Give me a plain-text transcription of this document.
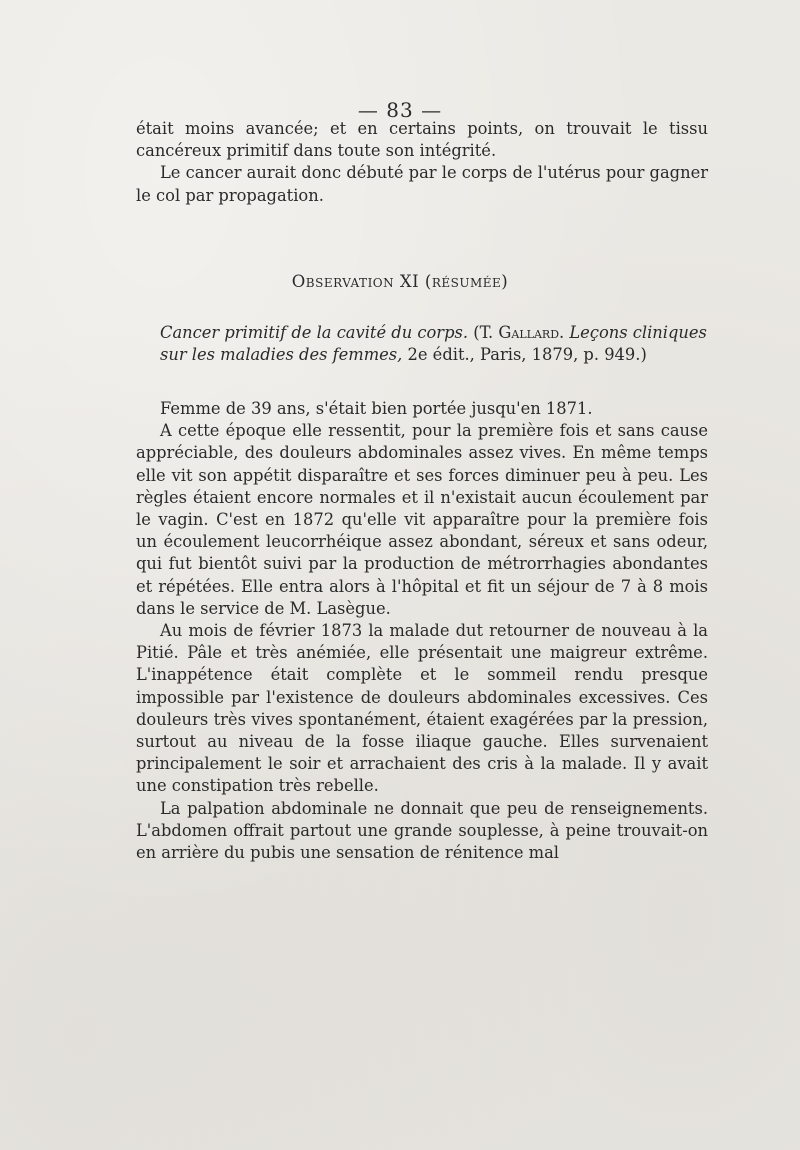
— 83 —

était moins avancée; et en certains points, on trouvait le tissu cancéreux primitif dans toute son intégrité.

Le cancer aurait donc débuté par le corps de l'utérus pour gagner le col par propagation.

Observation XI (résumée)
Cancer primitif de la cavité du corps. (T. Gallard. Leçons cliniques sur les maladies des femmes, 2e édit., Paris, 1879, p. 949.)

Femme de 39 ans, s'était bien portée jusqu'en 1871.

A cette époque elle ressentit, pour la première fois et sans cause appréciable, des douleurs abdominales assez vives. En même temps elle vit son appétit disparaître et ses forces diminuer peu à peu. Les règles étaient encore normales et il n'existait aucun écoulement par le vagin. C'est en 1872 qu'elle vit apparaître pour la première fois un écoulement leucorrhéique assez abondant, séreux et sans odeur, qui fut bientôt suivi par la production de métrorrhagies abondantes et répétées. Elle entra alors à l'hôpital et fit un séjour de 7 à 8 mois dans le service de M. Lasègue.

Au mois de février 1873 la malade dut retourner de nouveau à la Pitié. Pâle et très anémiée, elle présentait une maigreur extrême. L'inappétence était complète et le sommeil rendu presque impossible par l'existence de douleurs abdominales excessives. Ces douleurs très vives spontanément, étaient exagérées par la pression, surtout au niveau de la fosse iliaque gauche. Elles survenaient principalement le soir et arrachaient des cris à la malade. Il y avait une constipation très rebelle.

La palpation abdominale ne donnait que peu de renseignements. L'abdomen offrait partout une grande souplesse, à peine trouvait-on en arrière du pubis une sensation de rénitence mal
